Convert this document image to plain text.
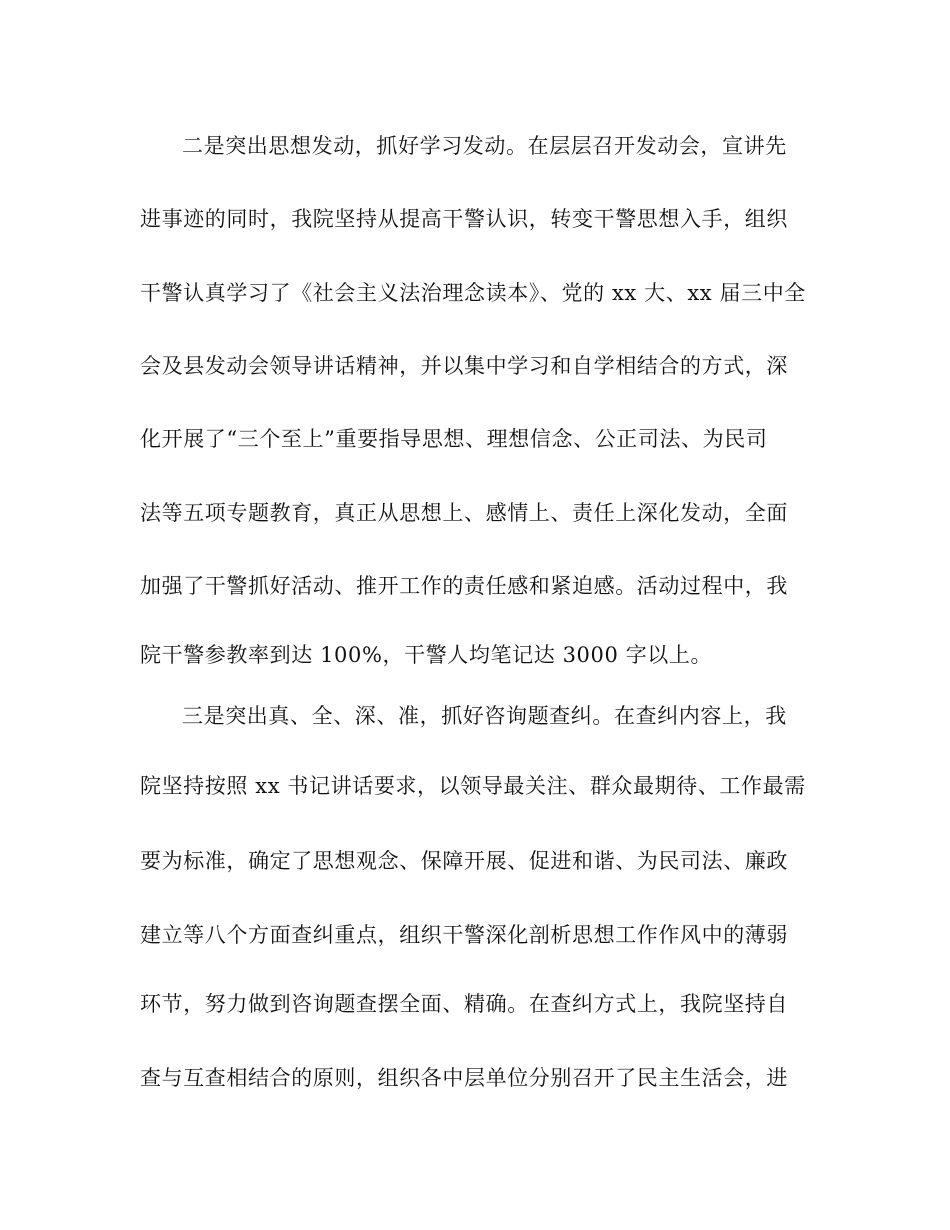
二是突出思想发动，抓好学习发动。在层层召开发动会，宣讲先
进事迹的同时，我院坚持从提高干警认识，转变干警思想入手，组织
干警认真学习了《社会主义法治理念读本》、党的 xx 大、xx 届三中全
会及县发动会领导讲话精神，并以集中学习和自学相结合的方式，深
化开展了“三个至上”重要指导思想、理想信念、公正司法、为民司
法等五项专题教育，真正从思想上、感情上、责任上深化发动，全面
加强了干警抓好活动、推开工作的责任感和紧迫感。活动过程中，我
院干警参教率到达 100%，干警人均笔记达 3000 字以上。
三是突出真、全、深、准，抓好咨询题查纠。在查纠内容上，我
院坚持按照 xx 书记讲话要求，以领导最关注、群众最期待、工作最需
要为标准，确定了思想观念、保障开展、促进和谐、为民司法、廉政
建立等八个方面查纠重点，组织干警深化剖析思想工作作风中的薄弱
环节，努力做到咨询题查摆全面、精确。在查纠方式上，我院坚持自
查与互查相结合的原则，组织各中层单位分别召开了民主生活会，进
